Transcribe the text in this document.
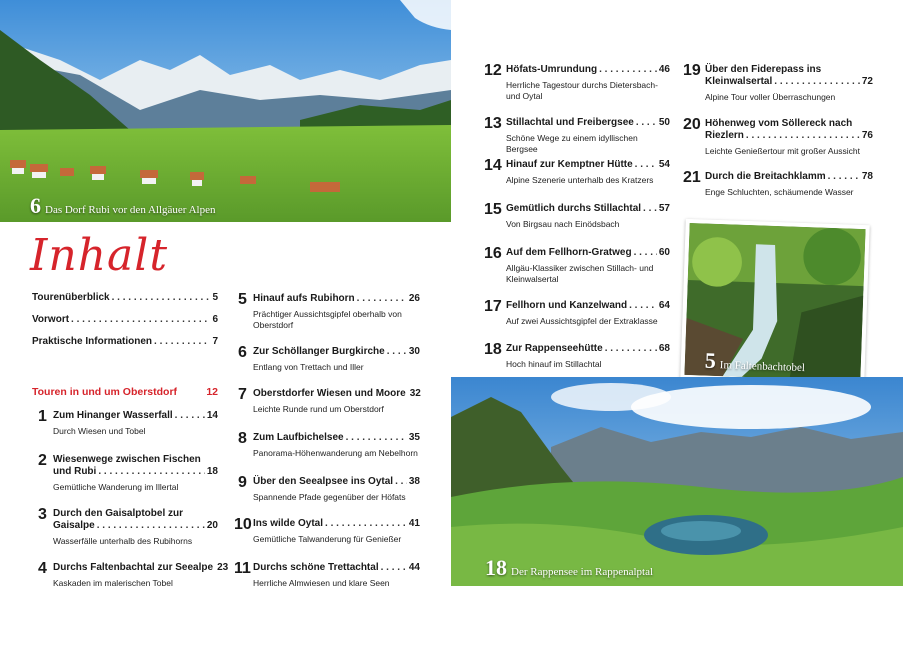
6 Das Dorf Rubi vor den Allgäuer Alpen
5 Im Faltenbachtobel
18 Der Rappensee im Rappenalptal
Inhalt
Tourenüberblick . . .	5
Vorwort . . .	6
Praktische Informationen . . .	7
Touren in und um Oberstdorf	12
1 Zum Hinanger Wasserfall . . .	14
Durch Wiesen und Tobel
2 Wiesenwege zwischen Fischen
und Rubi . . .	18
Gemütliche Wanderung im Illertal
3 Durch den Gaisalptobel zur
Gaisalpe . . .	20
Wasserfälle unterhalb des Rubihorns
4 Durchs Faltenbachtal zur Seealpe 23
Kaskaden im malerischen Tobel
5 Hinauf aufs Rubihorn . . .	26
Prächtiger Aussichtsgipfel oberhalb von Oberstdorf
6 Zur Schöllanger Burgkirche . . . 30
Entlang von Trettach und Iller
7 Oberstdorfer Wiesen und Moore 32
Leichte Runde rund um Oberstdorf
8 Zum Laufbichelsee . . .	35
Panorama-Höhenwanderung am Nebelhorn
9 Über den Seealpsee ins Oytal . . . 38
Spannende Pfade gegenüber der Höfats
10 Ins wilde Oytal . . .	41
Gemütliche Talwanderung für Genießer
11 Durchs schöne Trettachtal . . .	44
Herrliche Almwiesen und klare Seen
12 Höfats-Umrundung . . .	46
Herrliche Tagestour durchs Dietersbach- und Oytal
13 Stillachtal und Freibergsee . . .	50
Schöne Wege zu einem idyllischen Bergsee
14 Hinauf zur Kemptner Hütte . . .	54
Alpine Szenerie unterhalb des Kratzers
15 Gemütlich durchs Stillachtal . . . 57
Von Birgsau nach Einödsbach
16 Auf dem Fellhorn-Gratweg . . .	60
Allgäu-Klassiker zwischen Stillach- und Kleinwalsertal
17 Fellhorn und Kanzelwand . . .	64
Auf zwei Aussichtsgipfel der Extraklasse
18 Zur Rappenseehütte . . .	68
Hoch hinauf im Stillachtal
19 Über den Fiderepass ins
Kleinwalsertal . . .	72
Alpine Tour voller Überraschungen
20 Höhenweg vom Söllereck nach
Riezlern . . .	76
Leichte Genießertour mit großer Aussicht
21 Durch die Breitachklamm . . .	78
Enge Schluchten, schäumende Wasser
